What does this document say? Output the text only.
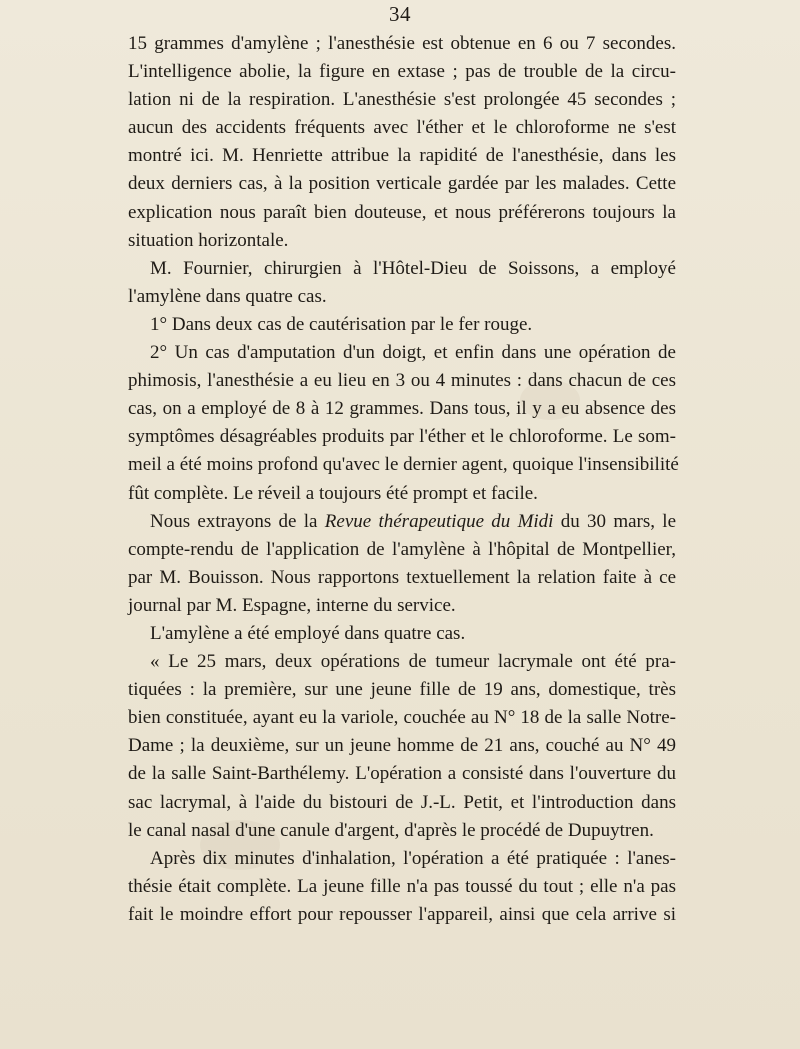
34
15 grammes d'amylène ; l'anesthésie est obtenue en 6 ou 7 secondes.
L'intelligence abolie, la figure en extase ; pas de trouble de la circu-
lation ni de la respiration. L'anesthésie s'est prolongée 45 secondes ;
aucun des accidents fréquents avec l'éther et le chloroforme ne s'est
montré ici. M. Henriette attribue la rapidité de l'anesthésie, dans les
deux derniers cas, à la position verticale gardée par les malades. Cette
explication nous paraît bien douteuse, et nous préférerons toujours la
situation horizontale.
M. Fournier, chirurgien à l'Hôtel-Dieu de Soissons, a employé
l'amylène dans quatre cas.
1° Dans deux cas de cautérisation par le fer rouge.
2° Un cas d'amputation d'un doigt, et enfin dans une opération de
phimosis, l'anesthésie a eu lieu en 3 ou 4 minutes : dans chacun de ces
cas, on a employé de 8 à 12 grammes. Dans tous, il y a eu absence des
symptômes désagréables produits par l'éther et le chloroforme. Le som-
meil a été moins profond qu'avec le dernier agent, quoique l'insensibilité
fût complète. Le réveil a toujours été prompt et facile.
Nous extrayons de la Revue thérapeutique du Midi du 30 mars, le
compte-rendu de l'application de l'amylène à l'hôpital de Montpellier,
par M. Bouisson. Nous rapportons textuellement la relation faite à ce
journal par M. Espagne, interne du service.
L'amylène a été employé dans quatre cas.
« Le 25 mars, deux opérations de tumeur lacrymale ont été pra-
tiquées : la première, sur une jeune fille de 19 ans, domestique, très
bien constituée, ayant eu la variole, couchée au N° 18 de la salle Notre-
Dame ; la deuxième, sur un jeune homme de 21 ans, couché au N° 49
de la salle Saint-Barthélemy. L'opération a consisté dans l'ouverture du
sac lacrymal, à l'aide du bistouri de J.-L. Petit, et l'introduction dans
le canal nasal d'une canule d'argent, d'après le procédé de Dupuytren.
Après dix minutes d'inhalation, l'opération a été pratiquée : l'anes-
thésie était complète. La jeune fille n'a pas toussé du tout ; elle n'a pas
fait le moindre effort pour repousser l'appareil, ainsi que cela arrive si
